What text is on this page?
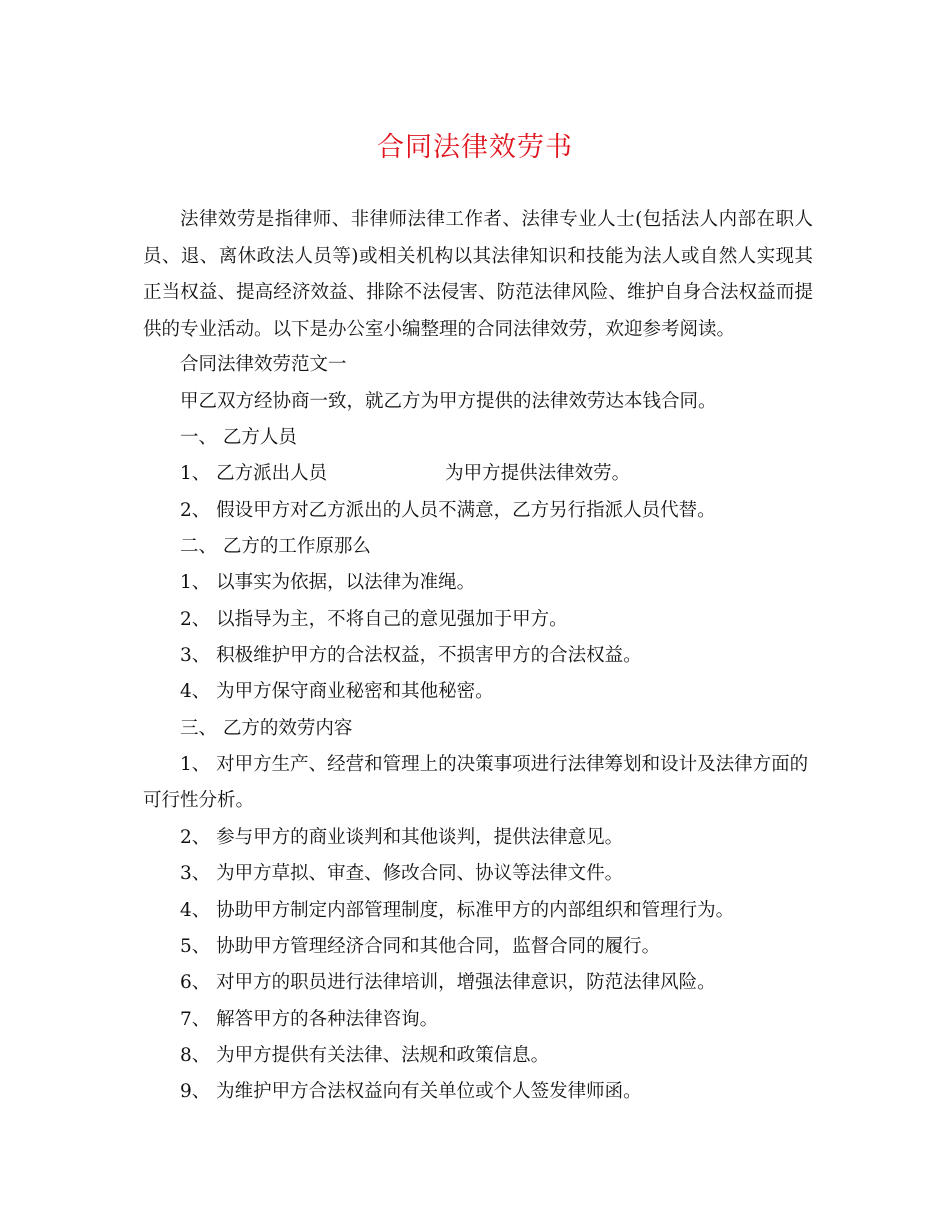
合同法律效劳书

法律效劳是指律师、非律师法律工作者、法律专业人士(包括法人内部在职人员、退、离休政法人员等)或相关机构以其法律知识和技能为法人或自然人实现其正当权益、提高经济效益、排除不法侵害、防范法律风险、维护自身合法权益而提供的专业活动。以下是办公室小编整理的合同法律效劳，欢迎参考阅读。

合同法律效劳范文一

甲乙双方经协商一致，就乙方为甲方提供的法律效劳达本钱合同。

一、 乙方人员

1、 乙方派出人员	为甲方提供法律效劳。

2、 假设甲方对乙方派出的人员不满意，乙方另行指派人员代替。

二、 乙方的工作原那么

1、 以事实为依据，以法律为准绳。

2、 以指导为主，不将自己的意见强加于甲方。

3、 积极维护甲方的合法权益，不损害甲方的合法权益。

4、 为甲方保守商业秘密和其他秘密。

三、 乙方的效劳内容

1、 对甲方生产、经营和管理上的决策事项进行法律筹划和设计及法律方面的可行性分析。

2、 参与甲方的商业谈判和其他谈判，提供法律意见。

3、 为甲方草拟、审查、修改合同、协议等法律文件。

4、 协助甲方制定内部管理制度，标准甲方的内部组织和管理行为。

5、 协助甲方管理经济合同和其他合同，监督合同的履行。

6、 对甲方的职员进行法律培训，增强法律意识，防范法律风险。

7、 解答甲方的各种法律咨询。

8、 为甲方提供有关法律、法规和政策信息。

9、 为维护甲方合法权益向有关单位或个人签发律师函。
